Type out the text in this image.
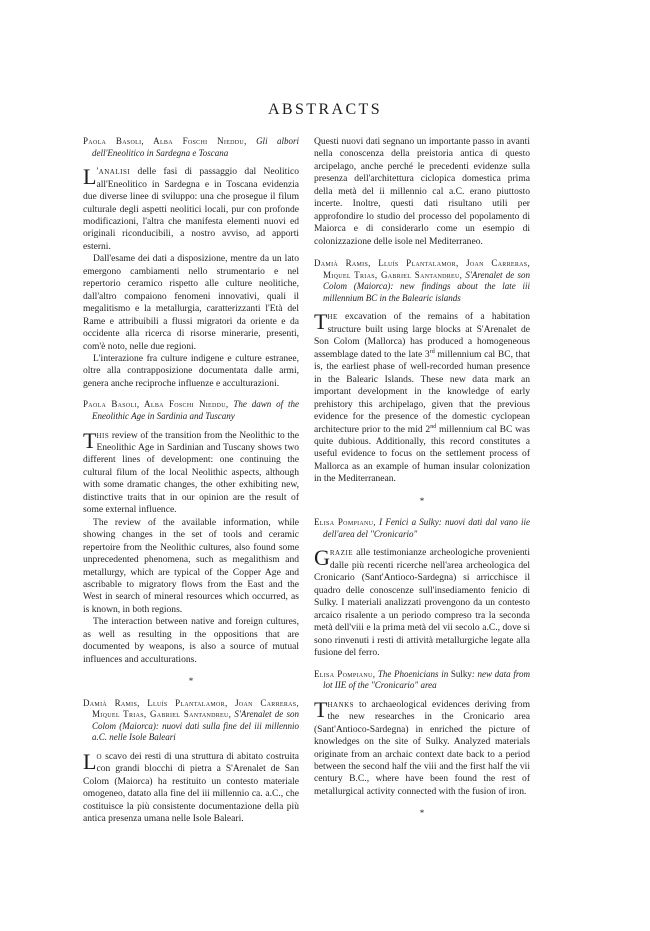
ABSTRACTS

Paola Basoli, Alba Foschi Nieddu, Gli albori dell'Eneolitico in Sardegna e Toscana

L 'analisi delle fasi di passaggio dal Neolitico all'Eneolitico in Sardegna e in Toscana evidenzia due diverse linee di sviluppo: una che prosegue il filum culturale degli aspetti neolitici locali, pur con profonde modificazioni, l'altra che manifesta elementi nuovi ed originali riconducibili, a nostro avviso, ad apporti esterni.

Dall'esame dei dati a disposizione, mentre da un lato emergono cambiamenti nello strumentario e nel repertorio ceramico rispetto alle culture neolitiche, dall'altro compaiono fenomeni innovativi, quali il megalitismo e la metallurgia, caratterizzanti l'Età del Rame e attribuibili a flussi migratori da oriente e da occidente alla ricerca di risorse minerarie, presenti, com'è noto, nelle due regioni.

L'interazione fra culture indigene e culture estranee, oltre alla contrapposizione documentata dalle armi, genera anche reciproche influenze e acculturazioni.

Paola Basoli, Alba Foschi Nieddu, The dawn of the Eneolithic Age in Sardinia and Tuscany

This review of the transition from the Neolithic to the Eneolithic Age in Sardinian and Tuscany shows two different lines of development: one continuing the cultural filum of the local Neolithic aspects, although with some dramatic changes, the other exhibiting new, distinctive traits that in our opinion are the result of some external influence.

The review of the available information, while showing changes in the set of tools and ceramic repertoire from the Neolithic cultures, also found some unprecedented phenomena, such as megalithism and metallurgy, which are typical of the Copper Age and ascribable to migratory flows from the East and the West in search of mineral resources which occurred, as is known, in both regions.

The interaction between native and foreign cultures, as well as resulting in the oppositions that are documented by weapons, is also a source of mutual influences and acculturations.

*

Damià Ramis, Lluís Plantalamor, Joan Carreras, Miquel Trias, Gabriel Santandreu, S'Arenalet de son Colom (Maiorca): nuovi dati sulla fine del iii millennio a.C. nelle Isole Baleari

Lo scavo dei resti di una struttura di abitato costruita con grandi blocchi di pietra a S'Arenalet de San Colom (Maiorca) ha restituito un contesto materiale omogeneo, datato alla fine del iii millennio ca. a.C., che costituisce la più consistente documentazione della più antica presenza umana nelle Isole Baleari.

Questi nuovi dati segnano un importante passo in avanti nella conoscenza della preistoria antica di questo arcipelago, anche perché le precedenti evidenze sulla presenza dell'architettura ciclopica domestica prima della metà del ii millennio cal a.C. erano piuttosto incerte. Inoltre, questi dati risultano utili per approfondire lo studio del processo del popolamento di Maiorca e di considerarlo come un esempio di colonizzazione delle isole nel Mediterraneo.

Damià Ramis, Lluís Plantalamor, Joan Carreras, Miquel Trias, Gabriel Santandreu, S'Arenalet de son Colom (Maiorca): new findings about the late iii millennium BC in the Balearic islands

The excavation of the remains of a habitation structure built using large blocks at S'Arenalet de Son Colom (Mallorca) has produced a homogeneous assemblage dated to the late 3rd millennium cal BC, that is, the earliest phase of well-recorded human presence in the Balearic Islands. These new data mark an important development in the knowledge of early prehistory this archipelago, given that the previous evidence for the presence of the domestic cyclopean architecture prior to the mid 2nd millennium cal BC was quite dubious. Additionally, this record constitutes a useful evidence to focus on the settlement process of Mallorca as an example of human insular colonization in the Mediterranean.

*

Elisa Pompianu, I Fenici a Sulky: nuovi dati dal vano iie dell'area del "Cronicario"

Grazie alle testimonianze archeologiche provenienti dalle più recenti ricerche nell'area archeologica del Cronicario (Sant'Antioco-Sardegna) si arricchisce il quadro delle conoscenze sull'insediamento fenicio di Sulky. I materiali analizzati provengono da un contesto arcaico risalente a un periodo compreso tra la seconda metà dell'viii e la prima metà del vii secolo a.C., dove si sono rinvenuti i resti di attività metallurgiche legate alla fusione del ferro.

Elisa Pompianu, The Phoenicians in Sulky: new data from lot IIE of the "Cronicario" area

Thanks to archaeological evidences deriving from the new researches in the Cronicario area (Sant'Antioco-Sardegna) in enriched the picture of knowledges on the site of Sulky. Analyzed materials originate from an archaic context date back to a period between the second half the viii and the first half the vii century B.C., where have been found the rest of metallurgical activity connected with the fusion of iron.

*
